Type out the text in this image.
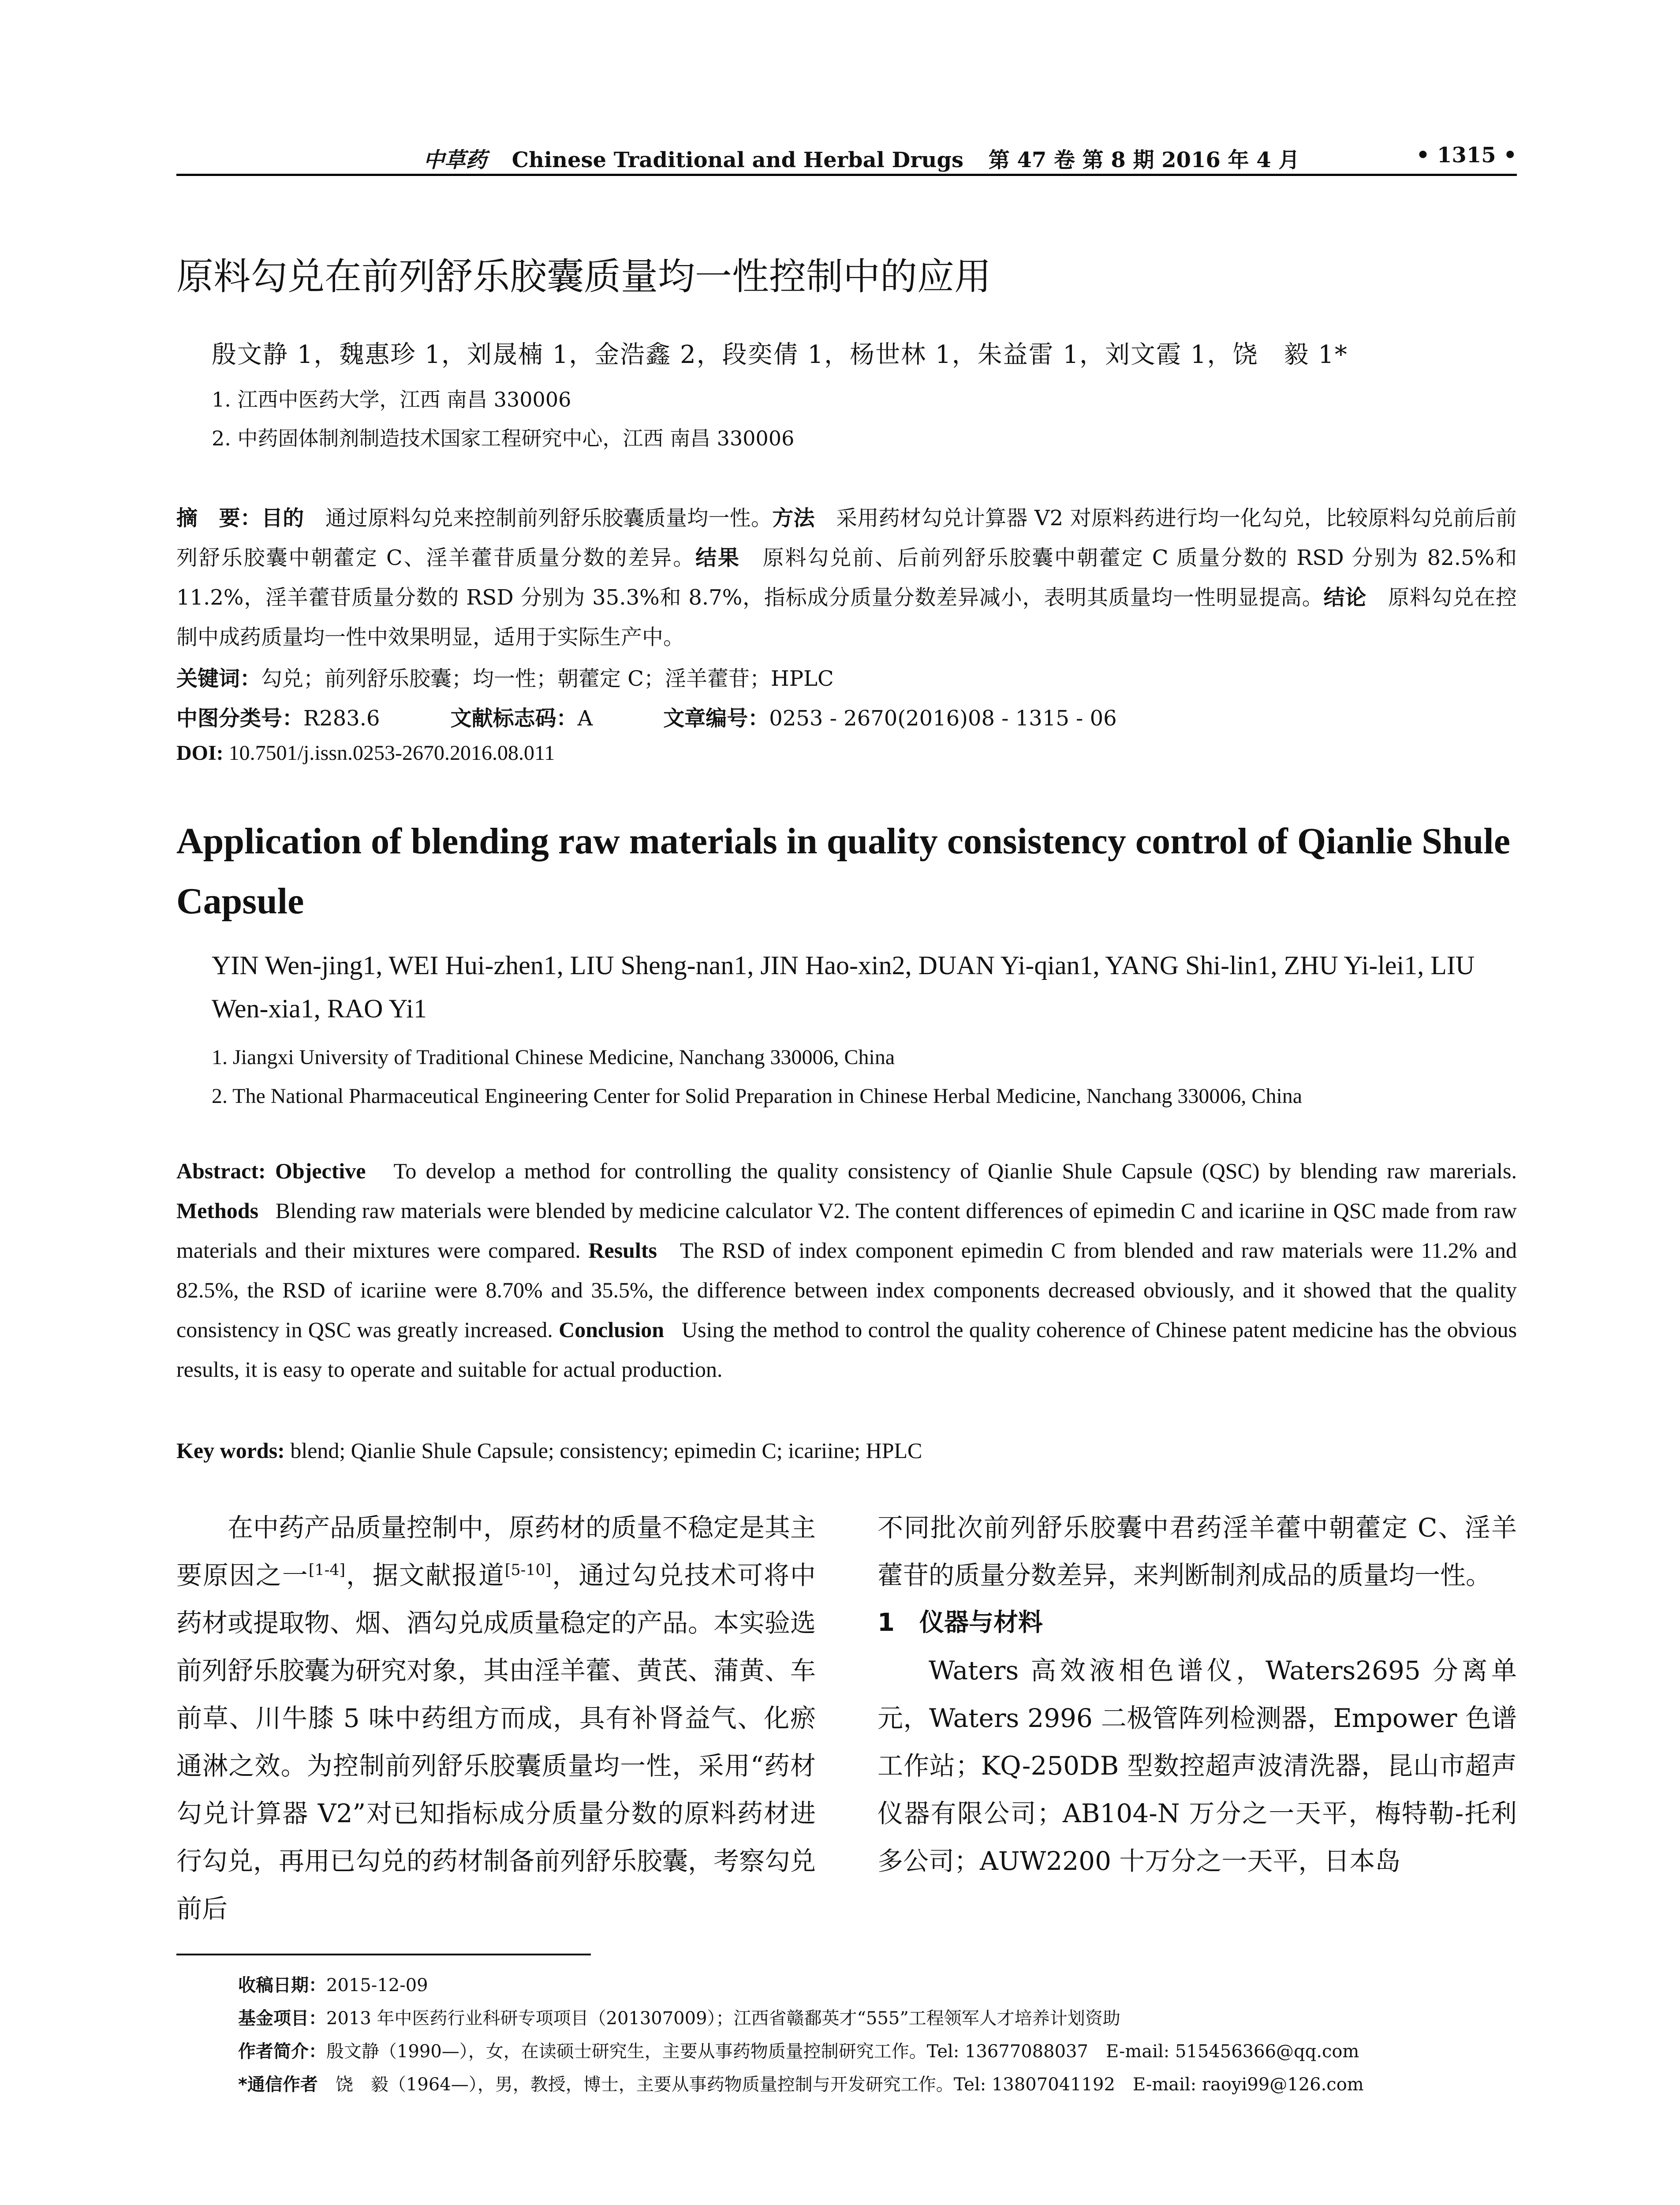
中草药 Chinese Traditional and Herbal Drugs 第 47 卷 第 8 期 2016 年 4 月	• 1315 •
原料勾兑在前列舒乐胶囊质量均一性控制中的应用
殷文静 1，魏惠珍 1，刘晟楠 1，金浩鑫 2，段奕倩 1，杨世林 1，朱益雷 1，刘文霞 1，饶　毅 1*
1. 江西中医药大学，江西 南昌 330006
2. 中药固体制剂制造技术国家工程研究中心，江西 南昌 330006
摘　要：目的　 通过原料勾兑来控制前列舒乐胶囊质量均一性。方法　 采用药材勾兑计算器 V2 对原料药进行均一化勾兑，比较原料勾兑前后前列舒乐胶囊中朝藿定 C、淫羊藿苷质量分数的差异。结果　 原料勾兑前、后前列舒乐胶囊中朝藿定 C 质量分数的 RSD 分别为 82.5%和 11.2%，淫羊藿苷质量分数的 RSD 分别为 35.3%和 8.7%，指标成分质量分数差异减小，表明其质量均一性明显提高。结论　 原料勾兑在控制中成药质量均一性中效果明显，适用于实际生产中。
关键词：勾兑；前列舒乐胶囊；均一性；朝藿定 C；淫羊藿苷；HPLC
中图分类号：R283.6	文献标志码：A	文章编号：0253 - 2670(2016)08 - 1315 - 06
DOI: 10.7501/j.issn.0253-2670.2016.08.011
Application of blending raw materials in quality consistency control of Qianlie Shule Capsule
YIN Wen-jing1, WEI Hui-zhen1, LIU Sheng-nan1, JIN Hao-xin2, DUAN Yi-qian1, YANG Shi-lin1, ZHU Yi-lei1, LIU Wen-xia1, RAO Yi1
1. Jiangxi University of Traditional Chinese Medicine, Nanchang 330006, China
2. The National Pharmaceutical Engineering Center for Solid Preparation in Chinese Herbal Medicine, Nanchang 330006, China
Abstract: Objective To develop a method for controlling the quality consistency of Qianlie Shule Capsule (QSC) by blending raw marerials. Methods Blending raw materials were blended by medicine calculator V2. The content differences of epimedin C and icariine in QSC made from raw materials and their mixtures were compared. Results The RSD of index component epimedin C from blended and raw materials were 11.2% and 82.5%, the RSD of icariine were 8.70% and 35.5%, the difference between index components decreased obviously, and it showed that the quality consistency in QSC was greatly increased. Conclusion Using the method to control the quality coherence of Chinese patent medicine has the obvious results, it is easy to operate and suitable for actual production.
Key words: blend; Qianlie Shule Capsule; consistency; epimedin C; icariine; HPLC
在中药产品质量控制中，原药材的质量不稳定是其主要原因之一[1-4]，据文献报道[5-10]，通过勾兑技术可将中药材或提取物、烟、酒勾兑成质量稳定的产品。本实验选前列舒乐胶囊为研究对象，其由淫羊藿、黄芪、蒲黄、车前草、川牛膝 5 味中药组方而成，具有补肾益气、化瘀通淋之效。为控制前列舒乐胶囊质量均一性，采用“药材勾兑计算器 V2”对已知指标成分质量分数的原料药材进行勾兑，再用已勾兑的药材制备前列舒乐胶囊，考察勾兑前后
不同批次前列舒乐胶囊中君药淫羊藿中朝藿定 C、淫羊藿苷的质量分数差异，来判断制剂成品的质量均一性。
1　仪器与材料
Waters 高效液相色谱仪，Waters2695 分离单元，Waters 2996 二极管阵列检测器，Empower 色谱工作站；KQ-250DB 型数控超声波清洗器，昆山市超声仪器有限公司；AB104-N 万分之一天平，梅特勒-托利多公司；AUW2200 十万分之一天平，日本岛
收稿日期：2015-12-09
基金项目：2013 年中医药行业科研专项项目（201307009）；江西省赣鄱英才“555”工程领军人才培养计划资助
作者简介：殷文静（1990—），女，在读硕士研究生，主要从事药物质量控制研究工作。Tel: 13677088037　E-mail: 515456366@qq.com
*通信作者　饶　毅（1964—），男，教授，博士，主要从事药物质量控制与开发研究工作。Tel: 13807041192　E-mail: raoyi99@126.com
